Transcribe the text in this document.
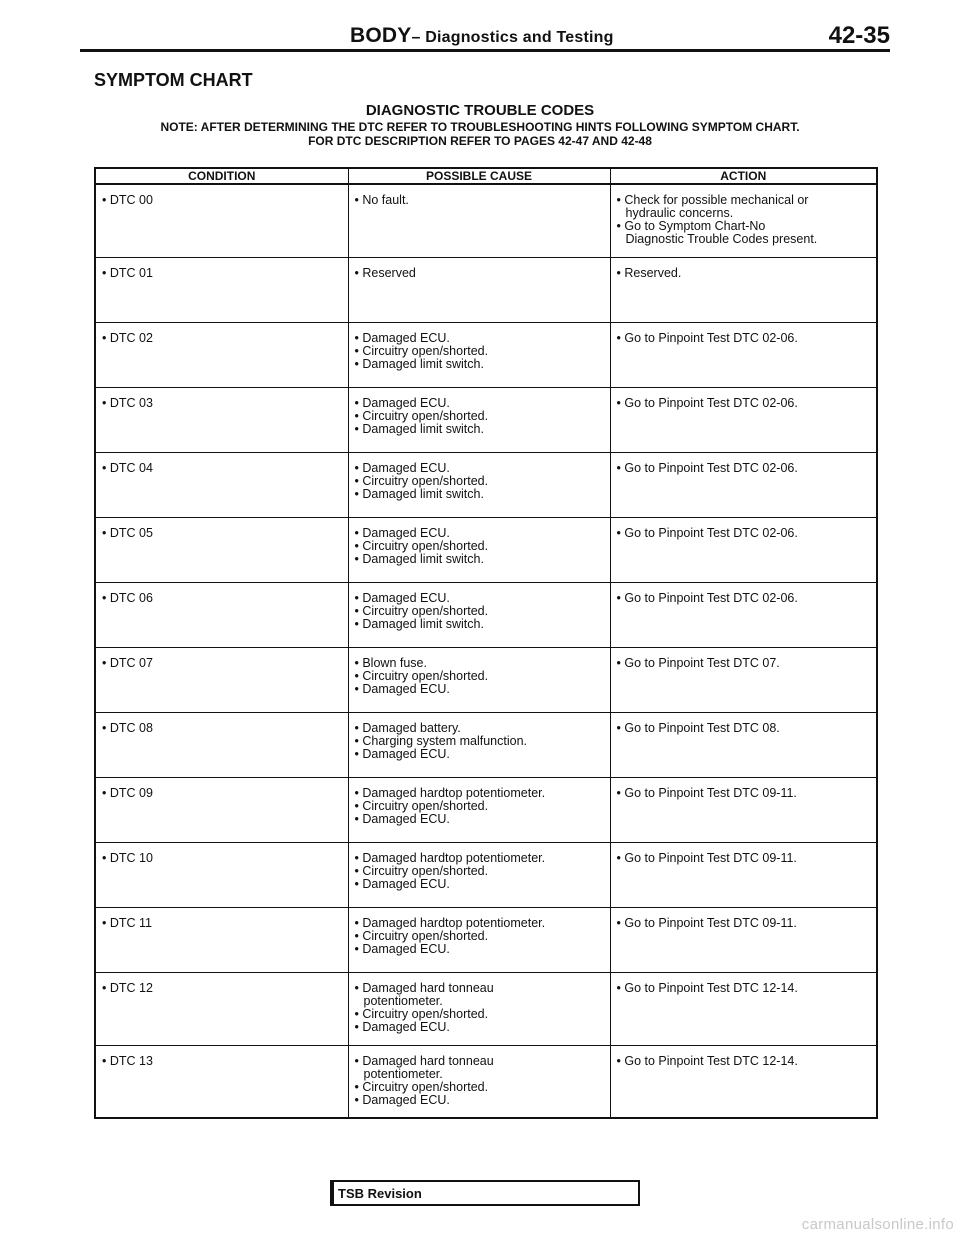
BODY– Diagnostics and Testing	42-35
SYMPTOM CHART
DIAGNOSTIC TROUBLE CODES
NOTE: AFTER DETERMINING THE DTC REFER TO TROUBLESHOOTING HINTS FOLLOWING SYMPTOM CHART.
FOR DTC DESCRIPTION REFER TO PAGES 42-47 AND 42-48
CONDITION	POSSIBLE CAUSE	ACTION

• DTC 00	• No fault.	• Check for possible mechanical or
hydraulic concerns.
• Go to Symptom Chart-No
Diagnostic Trouble Codes present.

• DTC 01	• Reserved	• Reserved.

• DTC 02	• Damaged ECU.
• Circuitry open/shorted.
• Damaged limit switch.	• Go to Pinpoint Test DTC 02-06.

• DTC 03	• Damaged ECU.
• Circuitry open/shorted.
• Damaged limit switch.	• Go to Pinpoint Test DTC 02-06.

• DTC 04	• Damaged ECU.
• Circuitry open/shorted.
• Damaged limit switch.	• Go to Pinpoint Test DTC 02-06.

• DTC 05	• Damaged ECU.
• Circuitry open/shorted.
• Damaged limit switch.	• Go to Pinpoint Test DTC 02-06.

• DTC 06	• Damaged ECU.
• Circuitry open/shorted.
• Damaged limit switch.	• Go to Pinpoint Test DTC 02-06.

• DTC 07	• Blown fuse.
• Circuitry open/shorted.
• Damaged ECU.	• Go to Pinpoint Test DTC 07.

• DTC 08	• Damaged battery.
• Charging system malfunction.
• Damaged ECU.	• Go to Pinpoint Test DTC 08.

• DTC 09	• Damaged hardtop potentiometer.
• Circuitry open/shorted.
• Damaged ECU.	• Go to Pinpoint Test DTC 09-11.

• DTC 10	• Damaged hardtop potentiometer.
• Circuitry open/shorted.
• Damaged ECU.	• Go to Pinpoint Test DTC 09-11.

• DTC 11	• Damaged hardtop potentiometer.
• Circuitry open/shorted.
• Damaged ECU.	• Go to Pinpoint Test DTC 09-11.

• DTC 12	• Damaged hard tonneau
potentiometer.
• Circuitry open/shorted.
• Damaged ECU.	• Go to Pinpoint Test DTC 12-14.

• DTC 13	• Damaged hard tonneau
potentiometer.
• Circuitry open/shorted.
• Damaged ECU.	• Go to Pinpoint Test DTC 12-14.
TSB Revision
carmanualsonline.info
